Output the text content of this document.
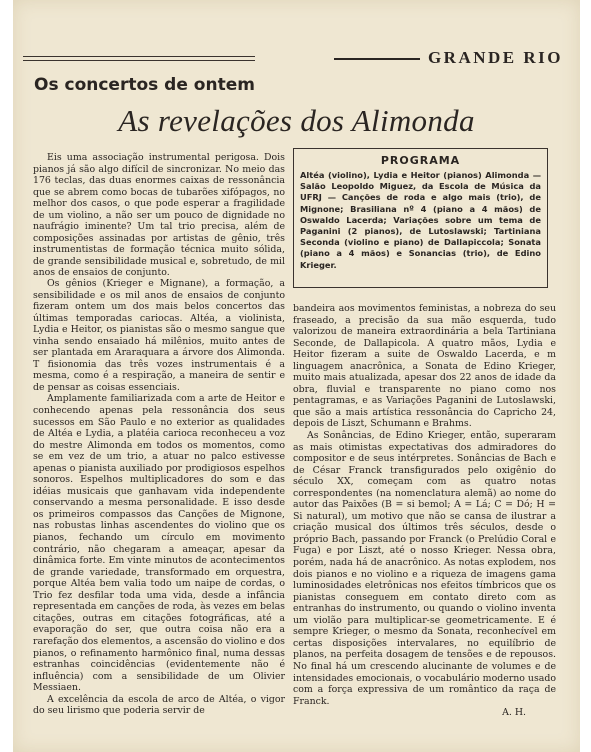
GRANDE RIO
Os concertos de ontem
As revelações dos Alimonda

Eis uma associação instrumental perigosa. Dois pianos já são algo difícil de sincronizar. No meio das 176 teclas, das duas enormes caixas de ressonância que se abrem como bocas de tubarões xifópagos, no melhor dos casos, o que pode esperar a fragilidade de um violino, a não ser um pouco de dignidade no naufrágio iminente? Um tal trio precisa, além de composições assinadas por artistas de gênio, três instrumentistas de formação técnica muito sólida, de grande sensibilidade musical e, sobretudo, de mil anos de ensaios de conjunto.

PROGRAMA

Altéa (violino), Lydia e Heitor (pianos) Alimonda — Salão Leopoldo Miguez, da Escola de Música da UFRJ — Canções de roda e algo mais (trio), de Mignone; Brasiliana nº 4 (piano a 4 mãos) de Oswaldo Lacerda; Variações sobre um tema de Paganini (2 pianos), de Lutoslawski; Tartiniana Seconda (violino e piano) de Dallapiccola; Sonata (piano a 4 mãos) e Sonancias (trio), de Edino Krieger.

Os gênios (Krieger e Mignane), a formação, a sensibilidade e os mil anos de ensaios de conjunto fizeram ontem um dos mais belos concertos das últimas temporadas cariocas. Altéa, a violinista, Lydia e Heitor, os pianistas são o mesmo sangue que vinha sendo ensaiado há milênios, muito antes de ser plantada em Araraquara a árvore dos Alimonda. T fisionomia das três vozes instrumentais é a mesma, como é a respiração, a maneira de sentir e de pensar as coisas essenciais.

Amplamente familiarizada com a arte de Heitor e conhecendo apenas pela ressonância dos seus sucessos em São Paulo e no exterior as qualidades de Altéa e Lydia, a platéia carioca reconheceu a voz do mestre Alimonda em todos os momentos, como se em vez de um trio, a atuar no palco estivesse apenas o pianista auxiliado por prodigiosos espelhos sonoros. Espelhos multiplicadores do som e das idéias musicais que ganhavam vida independente conservando a mesma personalidade. E isso desde os primeiros compassos das Canções de Mignone, nas robustas linhas ascendentes do violino que os pianos, fechando um círculo em movimento contrário, não chegaram a ameaçar, apesar da dinâmica forte. Em vinte minutos de acontecimentos de grande variedade, transformado em orquestra, porque Altéa bem valia todo um naipe de cordas, o Trio fez desfilar toda uma vida, desde a infância representada em canções de roda, às vezes em belas citações, outras em citações fotográficas, até a evaporação do ser, que outra coisa não era a rarefação dos elementos, a ascensão do violino e dos pianos, o refinamento harmônico final, numa dessas estranhas coincidências (evidentemente não é influência) com a sensibilidade de um Olivier Messiaen.

A excelência da escola de arco de Altéa, o vigor do seu lirismo que poderia servir de

bandeira aos movimentos feministas, a nobreza do seu fraseado, a precisão da sua mão esquerda, tudo valorizou de maneira extraordinária a bela Tartiniana Seconde, de Dallapicola. A quatro mãos, Lydia e Heitor fizeram a suite de Oswaldo Lacerda, e m linguagem anacrônica, a Sonata de Edino Krieger, muito mais atualizada, apesar dos 22 anos de idade da obra, fluvial e transparente no piano como nos pentagramas, e as Variações Paganini de Lutoslawski, que são a mais artística ressonância do Capricho 24, depois de Liszt, Schumann e Brahms.

As Sonâncias, de Edino Krieger, então, superaram as mais otimistas expectativas dos admiradores do compositor e de seus intérpretes. Sonâncias de Bach e de César Franck transfigurados pelo oxigênio do século XX, começam com as quatro notas correspondentes (na nomenclatura alemã) ao nome do autor das Paixões (B = si bemol; A = Lá; C = Dó; H = Si natural), um motivo que não se cansa de ilustrar a criação musical dos últimos três séculos, desde o próprio Bach, passando por Franck (o Prelúdio Coral e Fuga) e por Liszt, até o nosso Krieger. Nessa obra, porém, nada há de anacrônico. As notas explodem, nos dois pianos e no violino e a riqueza de imagens gama luminosidades eletrônicas nos efeitos tímbricos que os pianistas conseguem em contato direto com as entranhas do instrumento, ou quando o violino inventa um violão para multiplicar-se geometricamente. E é sempre Krieger, o mesmo da Sonata, reconhecível em certas disposições intervalares, no equilíbrio de planos, na perfeita dosagem de tensões e de repousos. No final há um crescendo alucinante de volumes e de intensidades emocionais, o vocabulário moderno usado com a força expressiva de um romântico da raça de Franck.

A. H.
